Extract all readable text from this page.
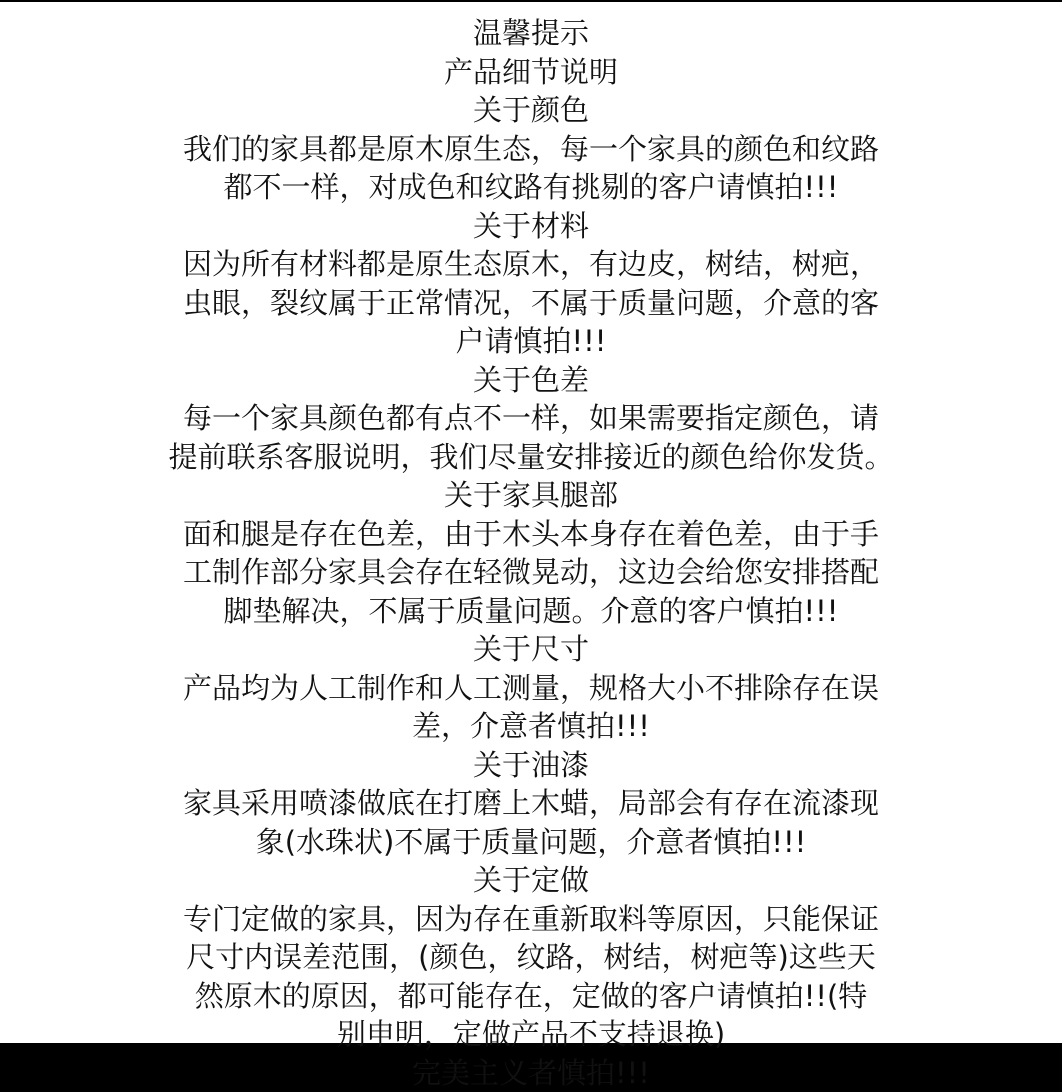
温馨提示
产品细节说明
关于颜色
我们的家具都是原木原生态，每一个家具的颜色和纹路
都不一样，对成色和纹路有挑剔的客户请慎拍!!!
关于材料
因为所有材料都是原生态原木，有边皮，树结，树疤，
虫眼，裂纹属于正常情况，不属于质量问题，介意的客
户请慎拍!!!
关于色差
每一个家具颜色都有点不一样，如果需要指定颜色，请
提前联系客服说明，我们尽量安排接近的颜色给你发货。
关于家具腿部
面和腿是存在色差，由于木头本身存在着色差，由于手
工制作部分家具会存在轻微晃动，这边会给您安排搭配
脚垫解决，不属于质量问题。介意的客户慎拍!!!
关于尺寸
产品均为人工制作和人工测量，规格大小不排除存在误
差，介意者慎拍!!!
关于油漆
家具采用喷漆做底在打磨上木蜡，局部会有存在流漆现
象(水珠状)不属于质量问题，介意者慎拍!!!
关于定做
专门定做的家具，因为存在重新取料等原因，只能保证
尺寸内误差范围，(颜色，纹路，树结，树疤等)这些天
然原木的原因，都可能存在，定做的客户请慎拍!!(特
别申明，定做产品不支持退换)
完美主义者慎拍!!!
